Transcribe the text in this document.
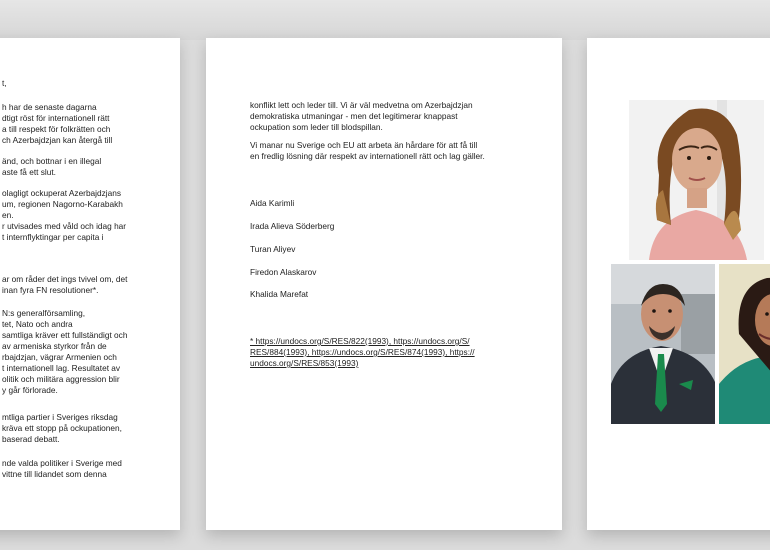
t,
h har de senaste dagarna
dtigt röst för internationell rätt
a till respekt för folkrätten och
ch Azerbajdzjan kan återgå till
änd, och bottnar i en illegal
aste få ett slut.
olagligt ockuperat Azerbajdzjans
um, regionen Nagorno-Karabakh
en.
r utvisades med våld och idag har
t internflyktingar per capita i
ar om råder det ings tvivel om, det
inan fyra FN resolutioner*.
N:s generalförsamling,
tet, Nato och andra
samtliga kräver ett fullständigt och
av armeniska styrkor från de
rbajdzjan, vägrar Armenien och
t internationell lag. Resultatet av
olitik och militära aggression blir
y går förlorade.
mtliga partier i Sveriges riksdag
kräva ett stopp på ockupationen,
baserad debatt.
nde valda politiker i Sverige med
vittne till lidandet som denna
konflikt lett och leder till. Vi är väl medvetna om Azerbajdzjan
demokratiska utmaningar - men det legitimerar knappast
ockupation som leder till blodspillan.
Vi manar nu Sverige och EU att arbeta än hårdare för att få till
en fredlig lösning där respekt av internationell rätt och lag gäller.
Aida Karimli
Irada Alieva Söderberg
Turan Aliyev
Firedon Alaskarov
Khalida Marefat
* https://undocs.org/S/RES/822(1993), https://undocs.org/S/
RES/884(1993), https://undocs.org/S/RES/874(1993), https://
undocs.org/S/RES/853(1993)
